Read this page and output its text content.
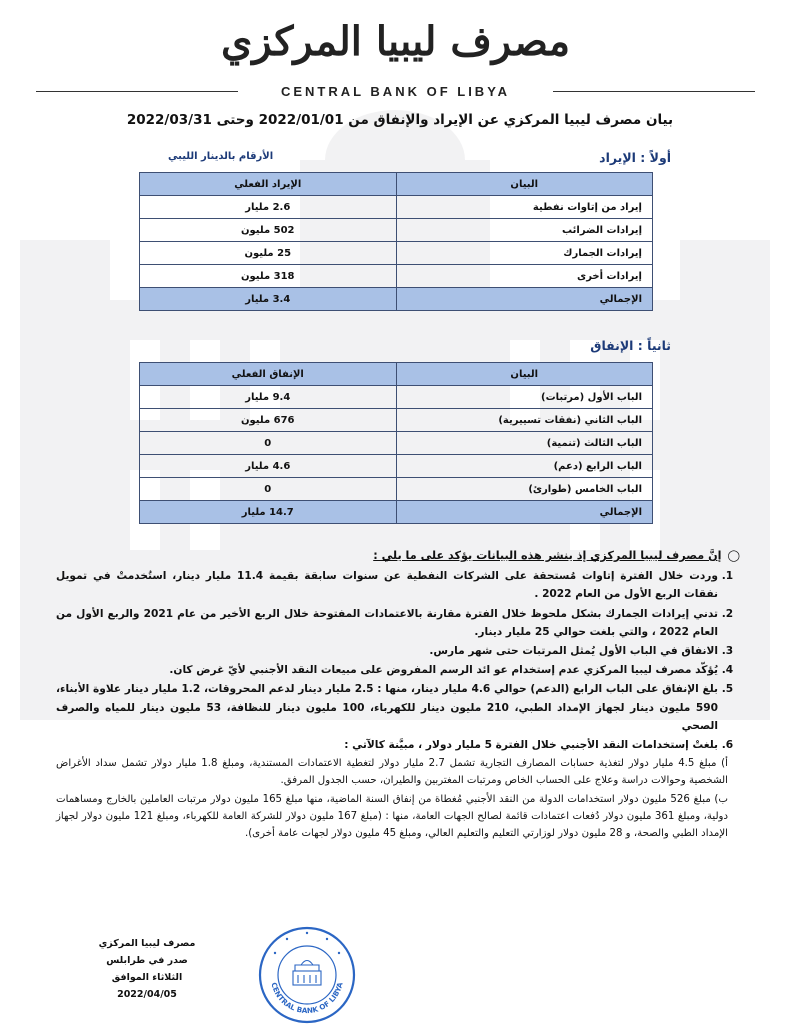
مصرف ليبيا المركزي
CENTRAL BANK OF LIBYA
بيان مصرف ليبيا المركزي عن الإيراد والإنفاق من 2022/01/01 وحتى 2022/03/31
أولاً : الإيراد
الأرقام بالدينار الليبي
البيان	الإيراد الفعلي
إيراد من إتاوات نفطية	2.6 مليار
إيرادات الضرائب	502 مليون
إيرادات الجمارك	25 مليون
إيرادات أخرى	318 مليون
الإجمالي	3.4 مليار
ثانياً : الإنفاق
البيان	الإنفاق الفعلي
الباب الأول (مرتبات)	9.4 مليار
الباب الثاني (نفقات تسييرية)	676 مليون
الباب الثالث (تنمية)	0
الباب الرابع (دعم)	4.6 مليار
الباب الخامس (طوارئ)	0
الإجمالي	14.7 مليار
◯إنَّ مصرف ليبيا المركزي إذ ينشر هذه البيانات يؤكد على ما يلي :
1. وردت خلال الفترة إتاوات مُستحقة على الشركات النفطية عن سنوات سابقة بقيمة 11.4 مليار دينار، استُخدمتْ في تمويل نفقات الربع الأول من العام 2022 .
2. تدني إيرادات الجمارك بشكل ملحوظ خلال الفترة مقارنة بالاعتمادات المفتوحة خلال الربع الأخير من عام 2021 والربع الأول من العام 2022 ، والتي بلغت حوالي 25 مليار دينار.
3. الانفاق في الباب الأول يُمثل المرتبات حتى شهر مارس.
4. يُؤكّد مصرف ليبيا المركزي عدم إستخدام عو ائد الرسم المفروض على مبيعات النقد الأجنبي لأيّ غرض كان.
5. بلغ الإنفاق على الباب الرابع (الدعم) حوالي 4.6 مليار دينار، منها : 2.5 مليار دينار لدعم المحروقات، 1.2 مليار دينار علاوة الأبناء، 590 مليون دينار لجهاز الإمداد الطبي، 210 مليون دينار للكهرباء، 100 مليون دينار للنظافة، 53 مليون دينار للمياه والصرف الصحي
6. بلغتْ إستخدامات النقد الأجنبي خلال الفترة 5 مليار دولار ، مبيَّنة كالآتي :
أ) مبلغ 4.5 مليار دولار لتغذية حسابات المصارف التجارية تشمل 2.7 مليار دولار لتغطية الاعتمادات المستندية، ومبلغ 1.8 مليار دولار تشمل سداد الأغراض الشخصية وحوالات دراسة وعلاج على الحساب الخاص ومرتبات المغتربين والطيران، حسب الجدول المرفق.
ب) مبلغ 526 مليون دولار استخدامات الدولة من النقد الأجنبي مُغطاة من إنفاق السنة الماضية، منها مبلغ 165 مليون دولار مرتبات العاملين بالخارج ومساهمات دولية، ومبلغ 361 مليون دولار دُفعات اعتمادات قائمة لصالح الجهات العامة، منها : (مبلغ 167 مليون دولار للشركة العامة للكهرباء، ومبلغ 121 مليون دولار لجهاز الإمداد الطبي والصحة، و 28 مليون دولار لوزارتي التعليم والتعليم العالي، ومبلغ 45 مليون دولار لجهات عامة أخرى).
مصرف ليبيا المركزي
صدر في طرابلس
الثلاثاء الموافق 2022/04/05
CENTRAL BANK OF LIBYA
